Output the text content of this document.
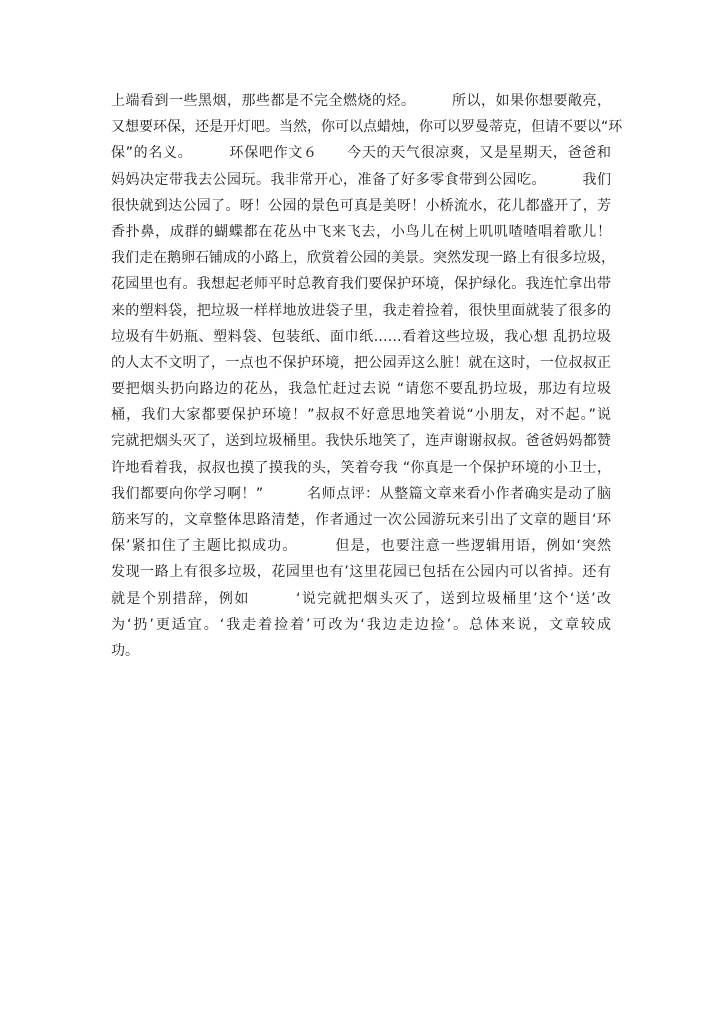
上端看到一些黑烟，那些都是不完全燃烧的烃。　　　所以，如果你想要敞亮，
又想要环保，还是开灯吧。当然，你可以点蜡烛，你可以罗曼蒂克，但请不要以“环
保”的名义。　　　环保吧作文６　　今天的天气很凉爽，又是星期天，爸爸和
妈妈决定带我去公园玩。我非常开心，准备了好多零食带到公园吃。　　　我们
很快就到达公园了。呀！公园的景色可真是美呀！小桥流水，花儿都盛开了，芳
香扑鼻，成群的蝴蝶都在花丛中飞来飞去，小鸟儿在树上叽叽喳喳唱着歌儿！
我们走在鹅卵石铺成的小路上，欣赏着公园的美景。突然发现一路上有很多垃圾，
花园里也有。我想起老师平时总教育我们要保护环境，保护绿化。我连忙拿出带
来的塑料袋，把垃圾一样样地放进袋子里，我走着捡着，很快里面就装了很多的
垃圾有牛奶瓶、塑料袋、包装纸、面巾纸……看着这些垃圾，我心想 乱扔垃圾
的人太不文明了，一点也不保护环境，把公园弄这么脏！就在这时，一位叔叔正
要把烟头扔向路边的花丛，我急忙赶过去说 “请您不要乱扔垃圾，那边有垃圾
桶，我们大家都要保护环境！”叔叔不好意思地笑着说“小朋友，对不起。”说
完就把烟头灭了，送到垃圾桶里。我快乐地笑了，连声谢谢叔叔。爸爸妈妈都赞
许地看着我，叔叔也摸了摸我的头，笑着夸我 “你真是一个保护环境的小卫士，
我们都要向你学习啊！”　　　名师点评：从整篇文章来看小作者确实是动了脑
筋来写的，文章整体思路清楚，作者通过一次公园游玩来引出了文章的题目‘环
保’紧扣住了主题比拟成功。　　　但是，也要注意一些逻辑用语，例如‘突然
发现一路上有很多垃圾，花园里也有’这里花园已包括在公园内可以省掉。还有
就是个别措辞，例如　　　‘说完就把烟头灭了，送到垃圾桶里’这个‘送’改
为‘扔’更适宜。‘我走着捡着’可改为‘我边走边捡’。总体来说，文章较成
功。
